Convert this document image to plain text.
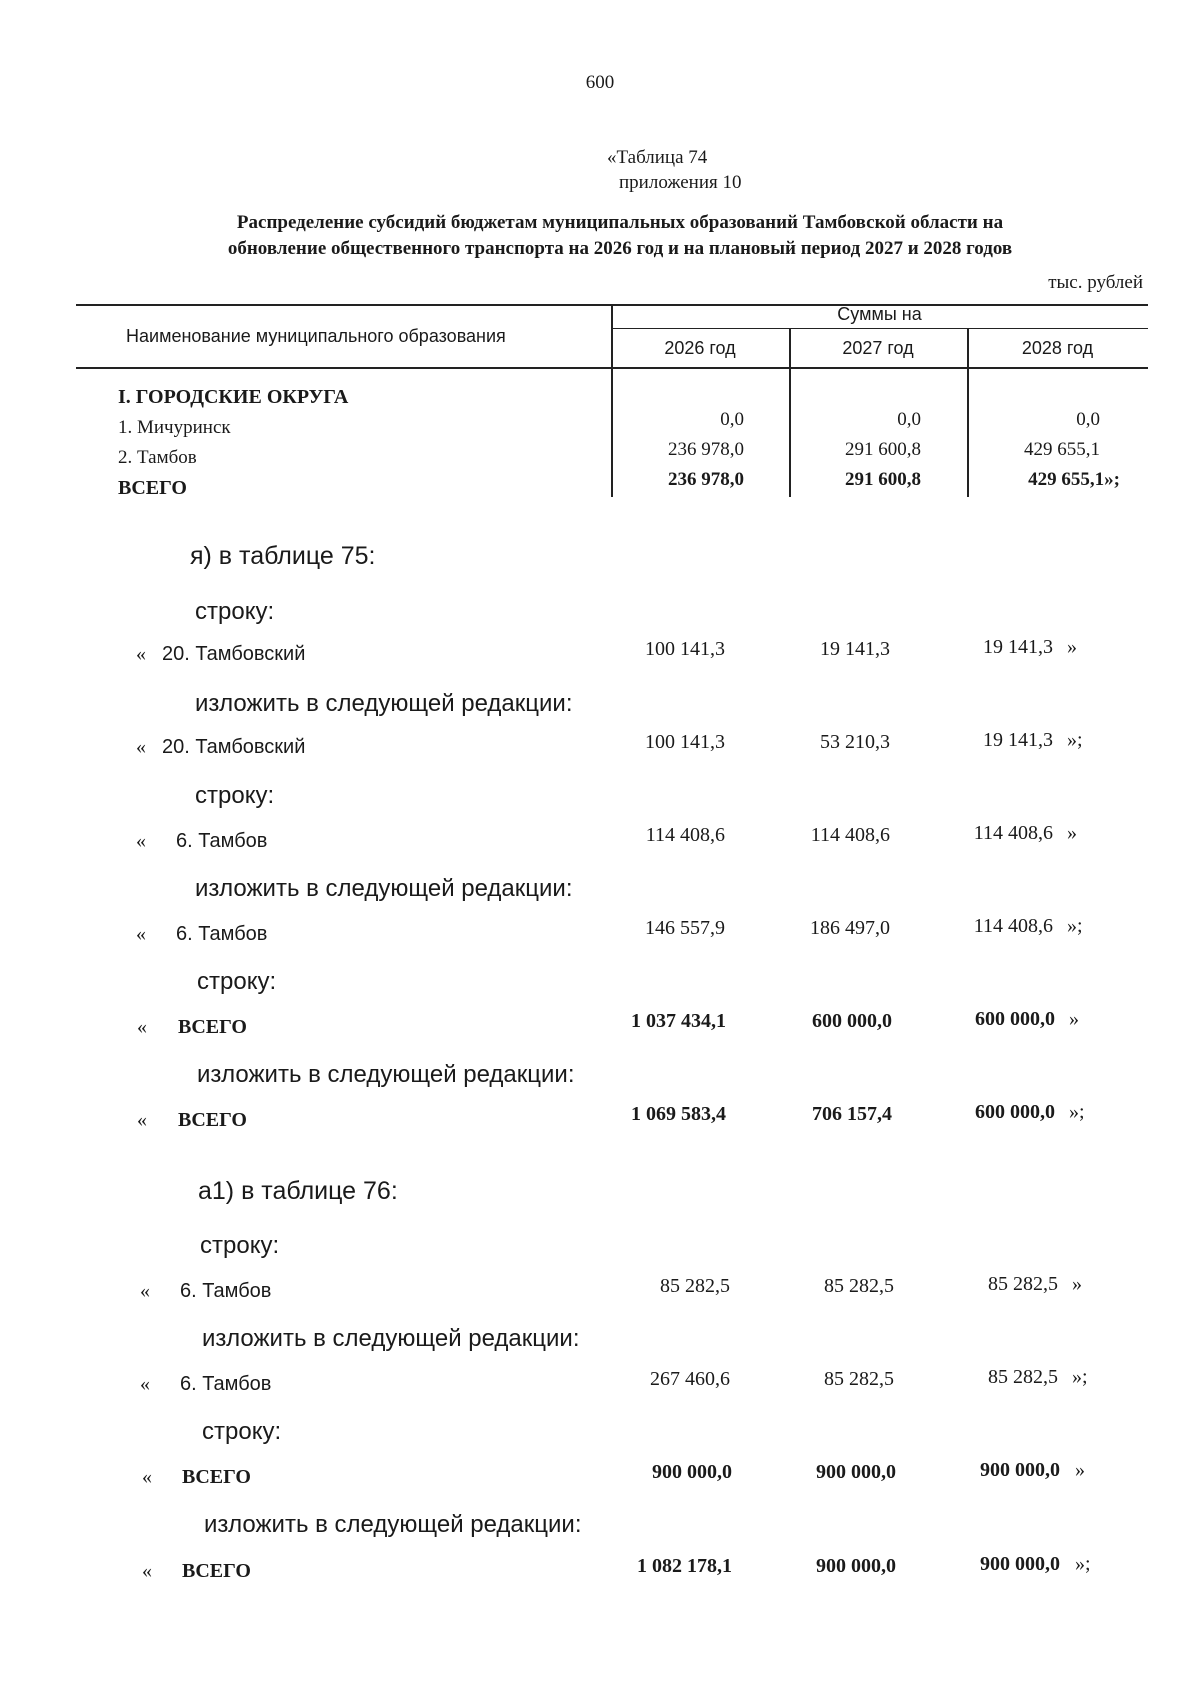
600
«Таблица 74
приложения 10
Распределение субсидий бюджетам муниципальных образований Тамбовской области на
обновление общественного транспорта на 2026 год и на плановый период 2027 и 2028 годов
тыс. рублей
Наименование муниципального образования
Суммы на
2026 год	2027 год	2028 год
I. ГОРОДСКИЕ ОКРУГА
1. Мичуринск	0,0	0,0	0,0
2. Тамбов	236 978,0	291 600,8	429 655,1
ВСЕГО	236 978,0	291 600,8	429 655,1»;
я) в таблице 75:
строку:
« 20. Тамбовский	100 141,3	19 141,3	19 141,3 »
изложить в следующей редакции:
« 20. Тамбовский	100 141,3	53 210,3	19 141,3 »;
строку:
« 6. Тамбов	114 408,6	114 408,6	114 408,6 »
изложить в следующей редакции:
« 6. Тамбов	146 557,9	186 497,0	114 408,6 »;
строку:
« ВСЕГО	1 037 434,1	600 000,0	600 000,0 »
изложить в следующей редакции:
« ВСЕГО	1 069 583,4	706 157,4	600 000,0 »;
а1) в таблице 76:
строку:
« 6. Тамбов	85 282,5	85 282,5	85 282,5 »
изложить в следующей редакции:
« 6. Тамбов	267 460,6	85 282,5	85 282,5 »;
строку:
« ВСЕГО	900 000,0	900 000,0	900 000,0 »
изложить в следующей редакции:
« ВСЕГО	1 082 178,1	900 000,0	900 000,0 »;
